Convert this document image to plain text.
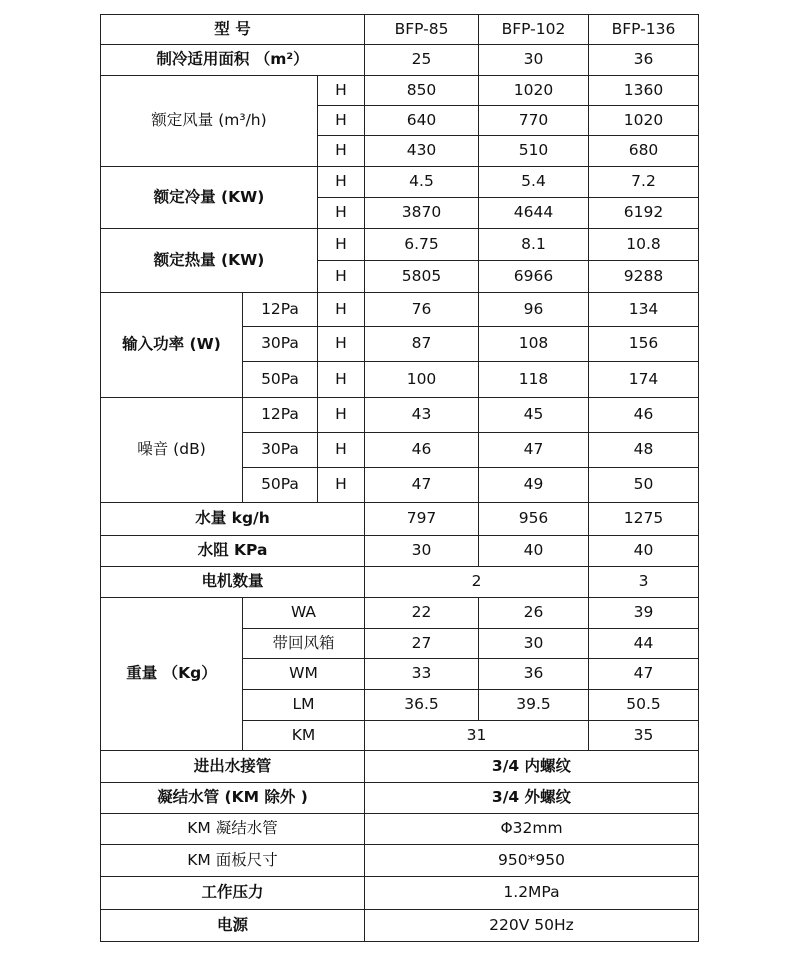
型 号			BFP-85	BFP-102	BFP-136
制冷适用面积 （m²）			25	30	36
额定风量 (m³/h)		H	850	1020	1360
		H	640	770	1020
		H	430	510	680
额定冷量 (KW)		H	4.5	5.4	7.2
		H	3870	4644	6192
额定热量 (KW)		H	6.75	8.1	10.8
		H	5805	6966	9288
输入功率 (W)	12Pa	H	76	96	134
	30Pa	H	87	108	156
	50Pa	H	100	118	174
噪音 (dB)	12Pa	H	43	45	46
	30Pa	H	46	47	48
	50Pa	H	47	49	50
水量 kg/h			797	956	1275
水阻 KPa			30	40	40
电机数量			2		3
重量 （Kg）	WA		22	26	39
	带回风箱		27	30	44
	WM		33	36	47
	LM		36.5	39.5	50.5
	KM		31		35
进出水接管			3/4 内螺纹		
凝结水管 (KM 除外 )			3/4 外螺纹		
KM 凝结水管			Φ32mm		
KM 面板尺寸			950*950		
工作压力			1.2MPa		
电源			220V 50Hz		
